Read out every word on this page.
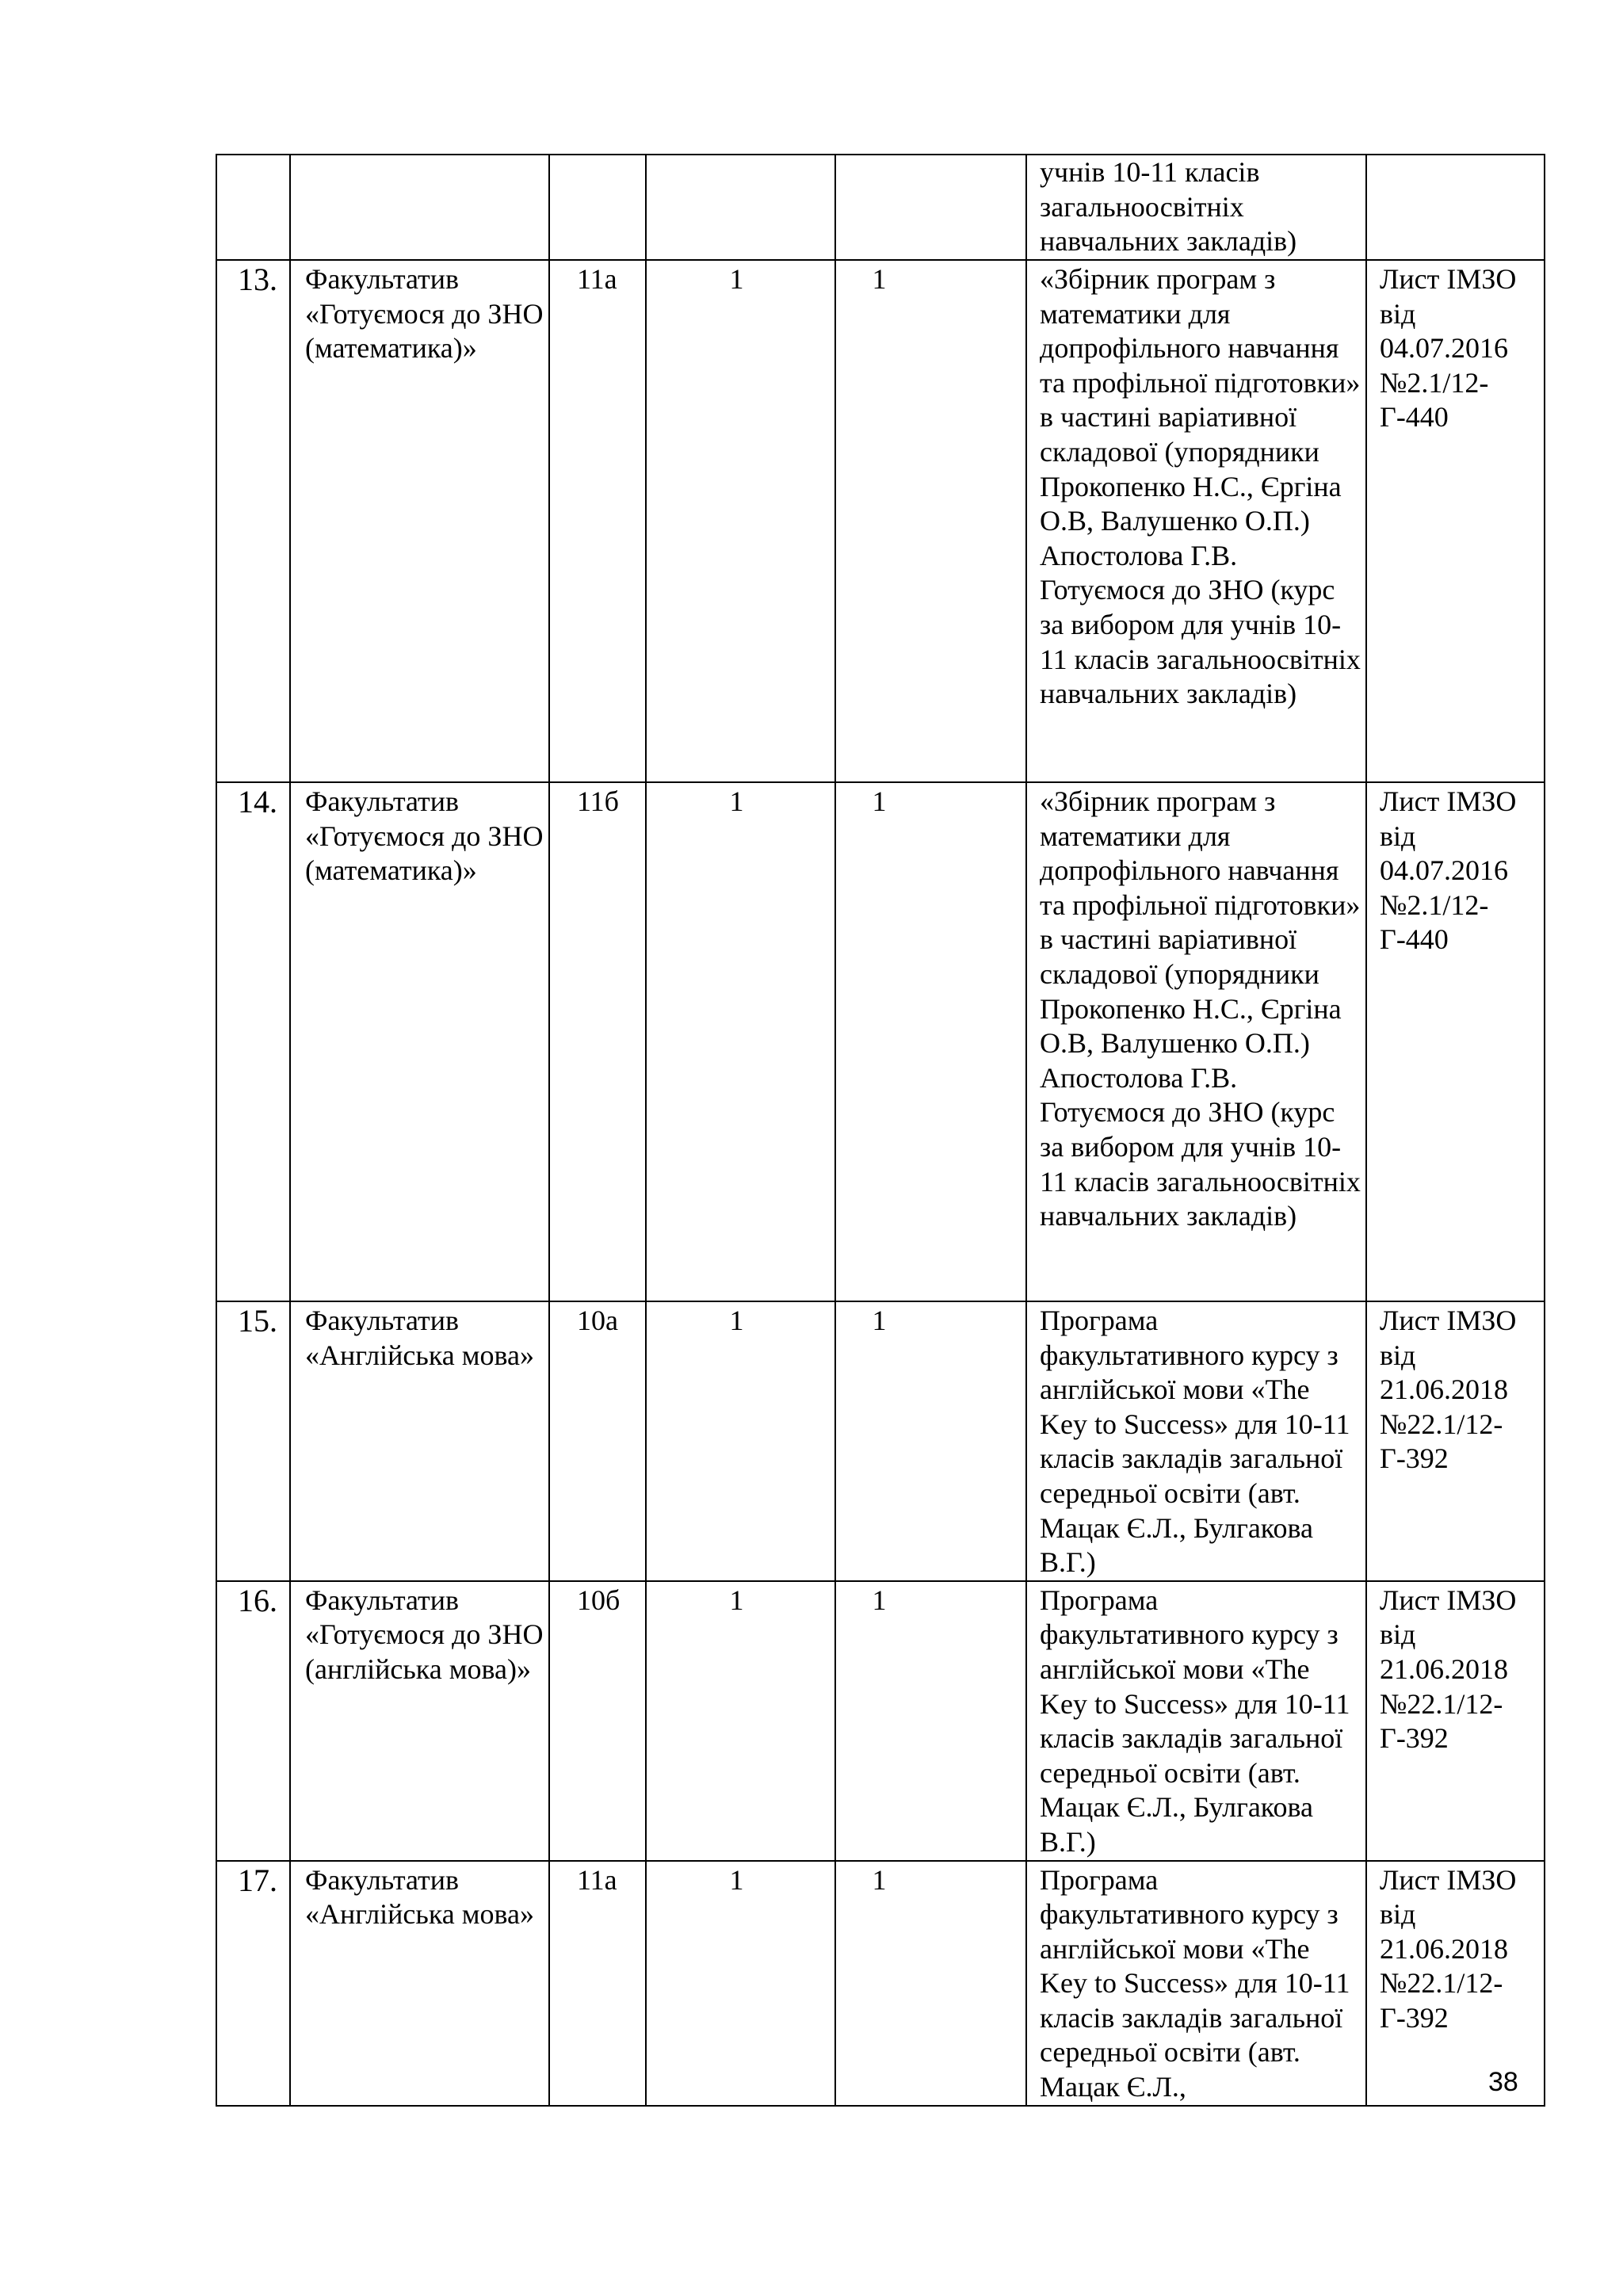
					учнів 10-11 класів загальноосвітніх навчальних закладів)	
13.	Факультатив «Готуємося до ЗНО (математика)»	11а	1	1	«Збірник програм з математики для допрофільного навчання та профільної підготовки» в частині варіативної складової (упорядники Прокопенко Н.С., Єргіна О.В, Валушенко О.П.) Апостолова Г.В. Готуємося до ЗНО (курс за вибором для учнів 10-11 класів загальноосвітніх навчальних закладів)	Лист ІМЗО від 04.07.2016 №2.1/12-Г-440
14.	Факультатив «Готуємося до ЗНО (математика)»	11б	1	1	«Збірник програм з математики для допрофільного навчання та профільної підготовки» в частині варіативної складової (упорядники Прокопенко Н.С., Єргіна О.В, Валушенко О.П.) Апостолова Г.В. Готуємося до ЗНО (курс за вибором для учнів 10-11 класів загальноосвітніх навчальних закладів)	Лист ІМЗО від 04.07.2016 №2.1/12-Г-440
15.	Факультатив «Англійська мова»	10а	1	1	Програма факультативного курсу з англійської мови «The Key to Success» для 10-11 класів закладів загальної середньої освіти (авт. Мацак Є.Л., Булгакова В.Г.)	Лист ІМЗО від 21.06.2018 №22.1/12-Г-392
16.	Факультатив «Готуємося до ЗНО (англійська мова)»	10б	1	1	Програма факультативного курсу з англійської мови «The Key to Success» для 10-11 класів закладів загальної середньої освіти (авт. Мацак Є.Л., Булгакова В.Г.)	Лист ІМЗО від 21.06.2018 №22.1/12-Г-392
17.	Факультатив «Англійська мова»	11а	1	1	Програма факультативного курсу з англійської мови «The Key to Success» для 10-11 класів закладів загальної середньої освіти (авт. Мацак Є.Л.,	Лист ІМЗО від 21.06.2018 №22.1/12-Г-392
38
